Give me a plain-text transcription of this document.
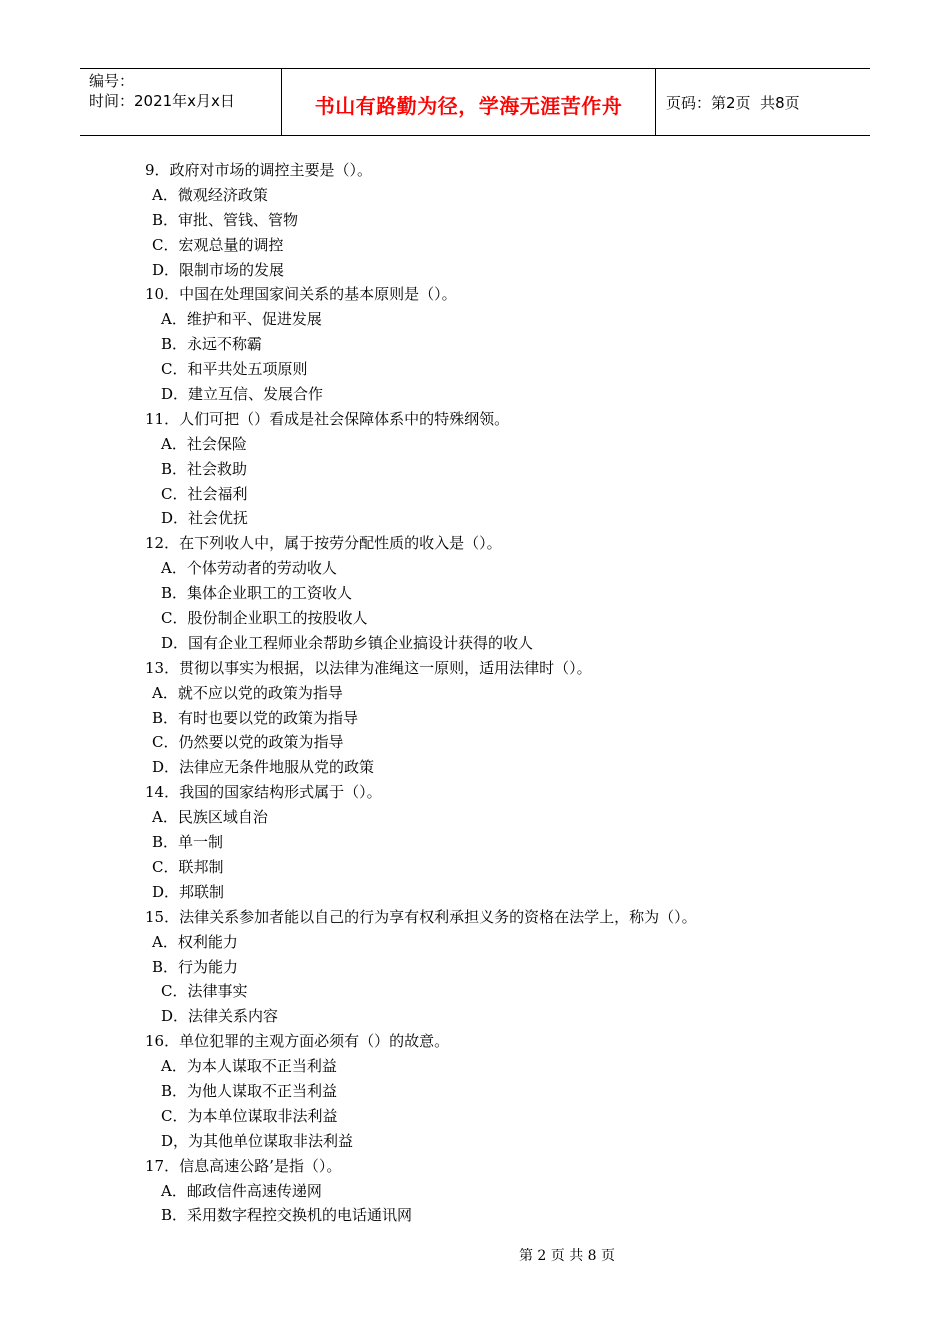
编号：
时间：2021年x月x日	书山有路勤为径，学海无涯苦作舟	页码：第2页  共8页
9．政府对市场的调控主要是（）。
A．微观经济政策
B．审批、管钱、管物
C．宏观总量的调控
D．限制市场的发展
10．中国在处理国家间关系的基本原则是（）。
A．维护和平、促进发展
B．永远不称霸
C．和平共处五项原则
D．建立互信、发展合作
11．人们可把（）看成是社会保障体系中的特殊纲领。
A．社会保险
B．社会救助
C．社会福利
D．社会优抚
12．在下列收人中，属于按劳分配性质的收入是（）。
A．个体劳动者的劳动收人
B．集体企业职工的工资收人
C．股份制企业职工的按股收人
D．国有企业工程师业余帮助乡镇企业搞设计获得的收人
13．贯彻以事实为根据，以法律为准绳这一原则，适用法律时（）。
A．就不应以党的政策为指导
B．有时也要以党的政策为指导
C．仍然要以党的政策为指导
D．法律应无条件地服从党的政策
14．我国的国家结构形式属于（）。
A．民族区域自治
B．单一制
C．联邦制
D．邦联制
15．法律关系参加者能以自己的行为享有权利承担义务的资格在法学上，称为（）。
A．权利能力
B．行为能力
C．法律事实
D．法律关系内容
16．单位犯罪的主观方面必须有（）的故意。
A．为本人谋取不正当利益
B．为他人谋取不正当利益
C．为本单位谋取非法利益
D，为其他单位谋取非法利益
17．信息高速公路’是指（）。
A．邮政信件高速传递网
B．采用数字程控交换机的电话通讯网
第 2 页 共 8 页
